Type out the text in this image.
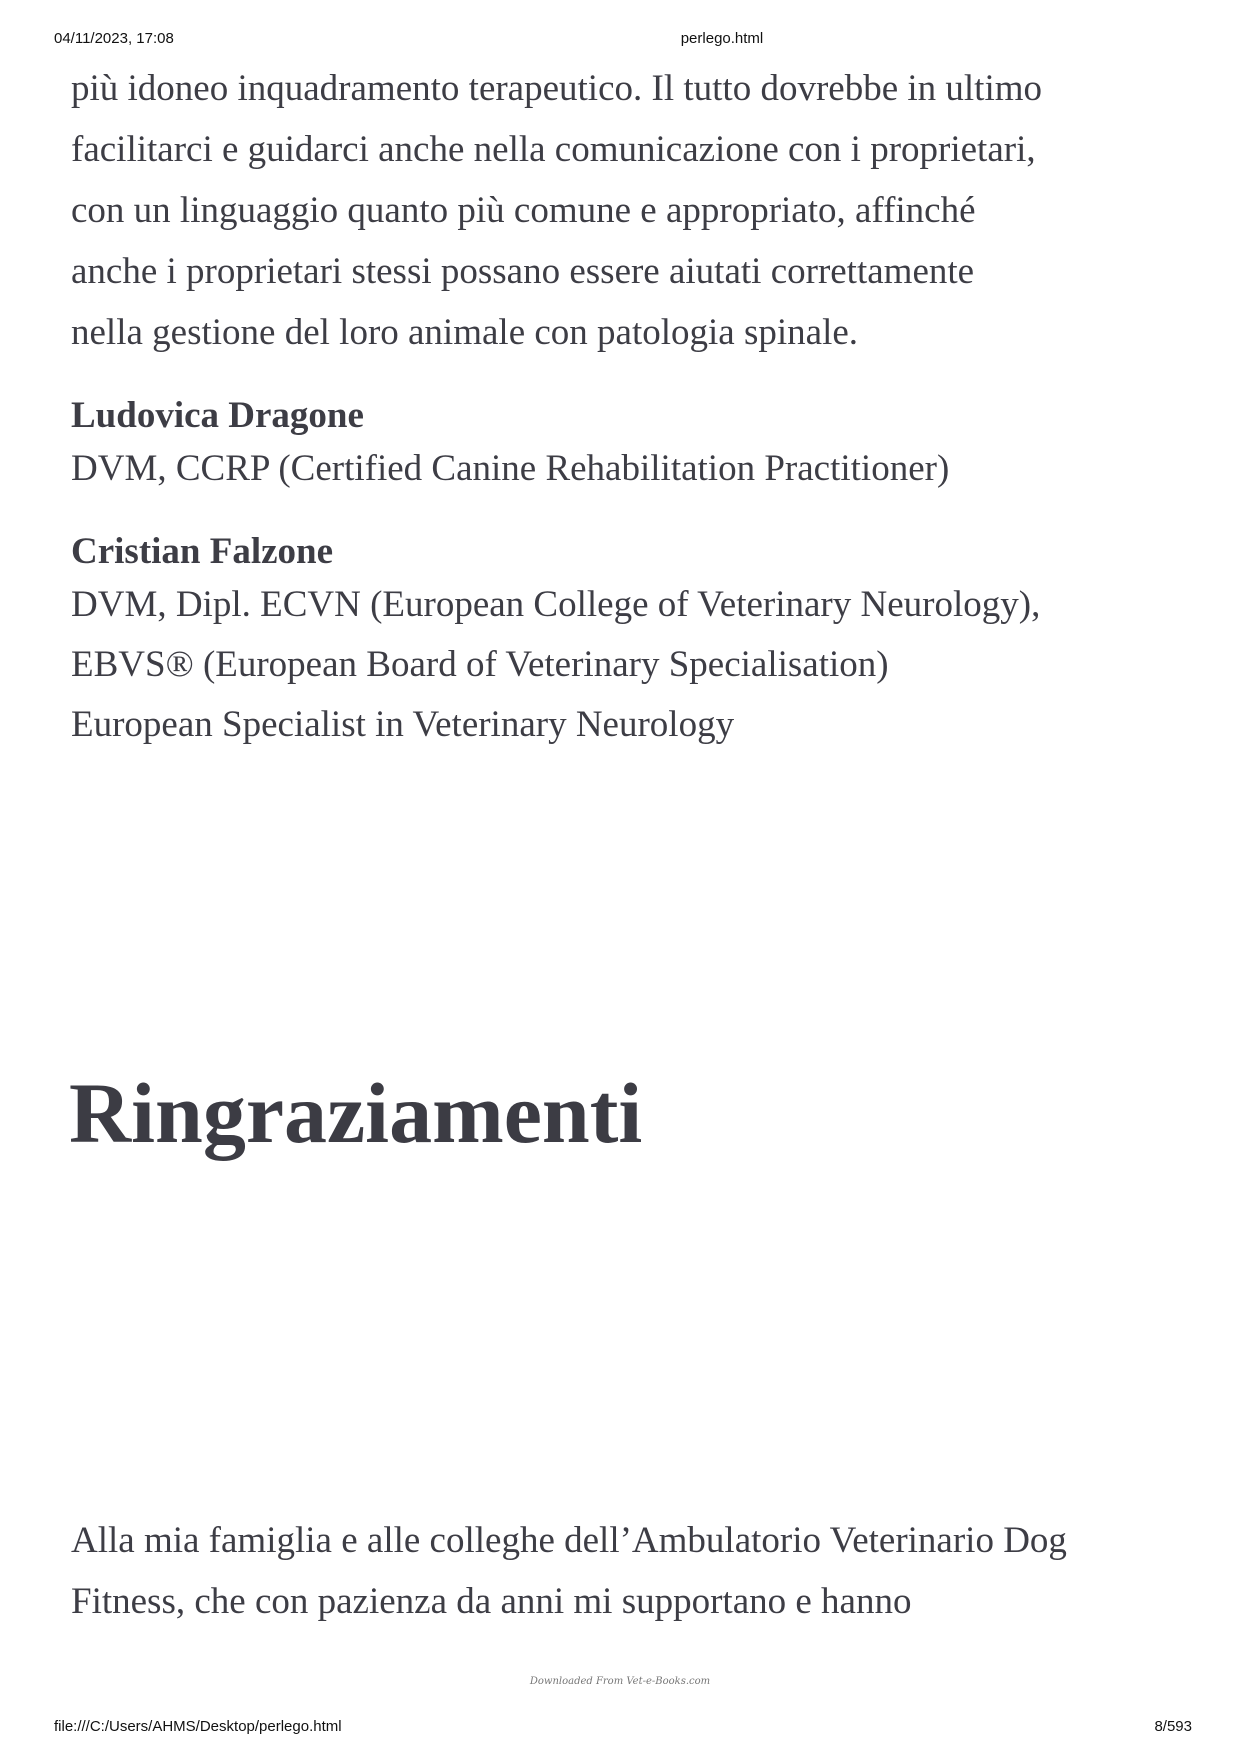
04/11/2023, 17:08	perlego.html

più idoneo inquadramento terapeutico. Il tutto dovrebbe in ultimo
facilitarci e guidarci anche nella comunicazione con i proprietari,
con un linguaggio quanto più comune e appropriato, affinché
anche i proprietari stessi possano essere aiutati correttamente
nella gestione del loro animale con patologia spinale.

Ludovica Dragone

DVM, CCRP (Certified Canine Rehabilitation Practitioner)

Cristian Falzone

DVM, Dipl. ECVN (European College of Veterinary Neurology),

EBVS® (European Board of Veterinary Specialisation)

European Specialist in Veterinary Neurology

Ringraziamenti

Alla mia famiglia e alle colleghe dell’Ambulatorio Veterinario Dog
Fitness, che con pazienza da anni mi supportano e hanno

Downloaded From Vet-e-Books.com
file:///C:/Users/AHMS/Desktop/perlego.html	8/593
